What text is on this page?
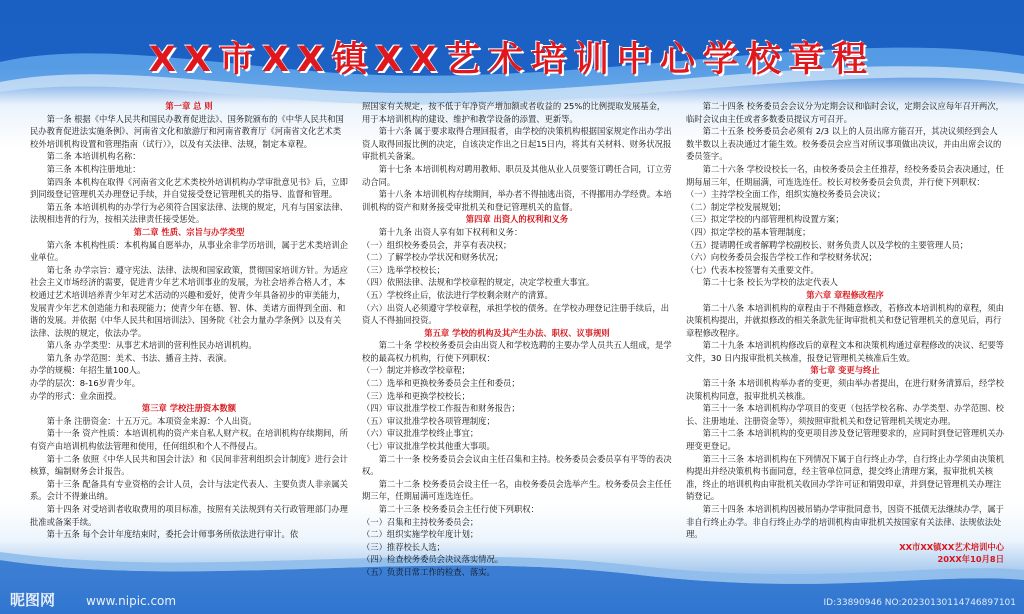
XX市XX镇XX艺术培训中心学校章程

第一章 总 则

第一条 根据《中华人民共和国民办教育促进法》、国务院颁布的《中华人民共和国民办教育促进法实施条例》、河南省文化和旅游厅和河南省教育厅《河南省文化艺术类校外培训机构设置和管理指南（试行）》，以及有关法律、法规，制定本章程。

第二条 本培训机构名称：

第三条 本机构注册地址：

第四条 本机构在取得《河南省文化艺术类校外培训机构办学审批意见书》后，立即到同级登记管理机关办理登记手续，并自觉接受登记管理机关的指导、监督和管理。

第五条 本培训机构的办学行为必须符合国家法律、法规的规定，凡有与国家法律、法规相违背的行为，按相关法律责任接受惩处。

第二章 性质、宗旨与办学类型

第六条 本机构性质：本机构属自愿举办，从事业余非学历培训，属于艺术类培训企业单位。

第七条 办学宗旨：遵守宪法、法律、法规和国家政策，贯彻国家培训方针。为适应社会主义市场经济的需要，促进青少年艺术培训事业的发展，为社会培养合格人才，本校通过艺术培训培养青少年对艺术活动的兴趣和爱好，使青少年具备初步的审美能力，发展青少年艺术创造能力和表现能力；使青少年在德、智、体、美诸方面得到全面、和谐的发展。并依据《中华人民共和国培训法》、国务院《社会力量办学条例》以及有关法律、法规的规定，依法办学。

第八条 办学类型：从事艺术培训的营利性民办培训机构。

第九条 办学范围：美术、书法、播音主持、表演。

办学的规模：年招生量100人。

办学的层次：8-16岁青少年。

办学的形式：业余面授。

第三章 学校注册资本数额

第十条 注册资金：十五万元。本项资金来源：个人出资。

第十一条 资产性质：本培训机构的资产来自私人财产权。在培训机构存续期间，所有资产由培训机构依法管理和使用，任何组织和个人不得侵占。

第十二条 依照《中华人民共和国会计法》和《民间非营利组织会计制度》进行会计核算，编制财务会计报告。

第十三条 配备具有专业资格的会计人员，会计与法定代表人、主要负责人非亲属关系。会计不得兼出纳。

第十四条 对受培训者收取费用的项目标准，按照有关法规到有关行政管理部门办理批准或备案手续。

第十五条 每个会计年度结束时，委托会计师事务所依法进行审计。依

照国家有关规定，按不低于年净资产增加额或者收益的 25%的比例提取发展基金，用于本培训机构的建设、维护和教学设备的添置、更新等。

第十六条 属于要求取得合理回报者，由学校的决策机构根据国家规定作出办学出资人取得回报比例的决定，自该决定作出之日起15日内，将其有关材料、财务状况报审批机关备案。

第十七条 本培训机构对聘用教师、职员及其他从业人员要签订聘任合同，订立劳动合同。

第十八条 本培训机构存续期间，举办者不得抽逃出资，不得挪用办学经费。本培训机构的资产和财务接受审批机关和登记管理机关的监督。

第四章 出资人的权利和义务

第十九条 出资人享有如下权利和义务：

（一）组织校务委员会，并享有表决权；

（二）了解学校办学状况和财务状况；

（三）选举学校校长；

（四）依照法律、法规和学校章程的规定，决定学校重大事宜。

（五）学校终止后，依法进行学校剩余财产的清算。

（六）出资人必须遵守学校章程，承担学校的债务。在学校办理登记注册手续后，出资人不得抽回投资。

第五章 学校的机构及其产生办法、职权、议事规则

第二十条 学校校务委员会由出资人和学校选聘的主要办学人员共五人组成，是学校的最高权力机构，行使下列职权：

（一）制定并修改学校章程；

（二）选举和更换校务委员会主任和委员；

（三）选举和更换学校校长；

（四）审议批准学校工作报告和财务报告；

（五）审议批准学校各项管理制度；

（六）审议批准学校终止事宜；

（七）审议批准学校其他重大事项。

第二十一条 校务委员会会议由主任召集和主持。校务委员会委员享有平等的表决权。

第二十二条 校务委员会设主任一名，由校务委员会选举产生。校务委员会主任任期三年，任期届满可连选连任。

第二十三条 校务委员会主任行使下列职权：

（一）召集和主持校务委员会；

（二）组织实施学校年度计划；

（三）推荐校长人选；

（四）检查校务委员会决议落实情况。

（五）负责日常工作的检查、落实。

第二十四条 校务委员会会议分为定期会议和临时会议，定期会议应每年召开两次，临时会议由主任或者多数委员提议方可召开。

第二十五条 校务委员会必须有 2/3 以上的人员出席方能召开，其决议须经到会人数半数以上表决通过才能生效。校务委员会应当对所议事项做出决议，并由出席会议的委员签字。

第二十六条 学校设校长一名，由校务委员会主任推荐，经校务委员会表决通过，任期每届三年，任期届满，可连选连任。校长对校务委员会负责，并行使下列职权：

（一）主持学校全面工作，组织实施校务委员会决议；

（二）制定学校发展规划；

（三）拟定学校的内部管理机构设置方案；

（四）拟定学校的基本管理制度；

（五）提请聘任或者解聘学校副校长、财务负责人以及学校的主要管理人员；

（六）向校务委员会报告学校工作和学校财务状况；

（七）代表本校签署有关重要文件。

第二十七条 校长为学校的法定代表人

第六章 章程修改程序

第二十八条 本培训机构的章程由于不得随意修改，若修改本培训机构的章程，须由决策机构提出，并就拟修改的相关条款先征询审批机关和登记管理机关的意见后，再行章程修改程序。

第二十九条 本培训机构修改后的章程文本和决策机构通过章程修改的决议、纪要等文件，30 日内报审批机关核准，报登记管理机关核准后生效。

第七章 变更与终止

第三十条 本培训机构举办者的变更，须由举办者提出，在进行财务清算后，经学校决策机构同意，报审批机关核准。

第三十一条 本培训机构办学项目的变更（包括学校名称、办学类型、办学范围、校长、注册地址、注册资金等），须按照审批机关和登记管理机关规定办理。

第三十二条 本培训机构的变更项目涉及登记管理要求的，应同时到登记管理机关办理变更登记。

第三十三条 本培训机构在下列情况下属于自行终止办学，自行终止办学须由决策机构提出并经决策机构书面同意，经主管单位同意，提交终止清理方案，报审批机关核准，终止的培训机构由审批机关收回办学许可证和销毁印章，并到登记管理机关办理注销登记。

第三十四条 本培训机构因被吊销办学审批同意书，因资不抵债无法继续办学，属于非自行终止办学。非自行终止办学的培训机构由审批机关按国家有关法律、法规依法处理。

XX市XX镇XX艺术培训中心

20XX年10月8日

昵图网	www.nipic.com	ID:33890946 NO:20230130114746897101
